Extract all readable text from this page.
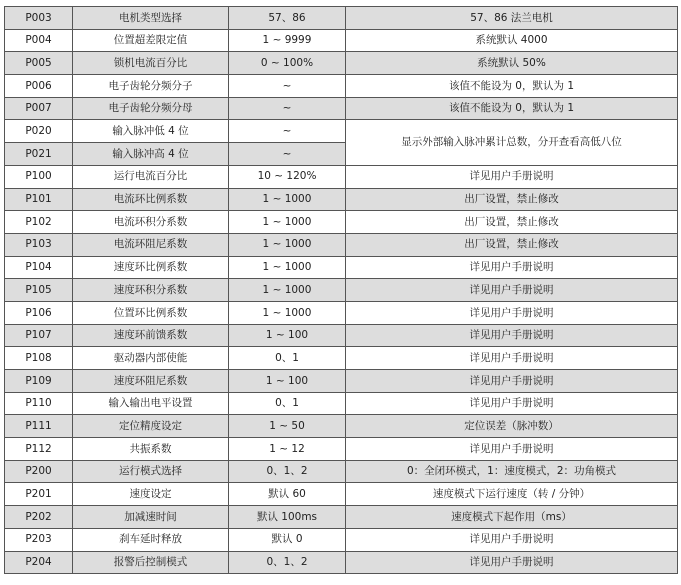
P003	电机类型选择	57、86	57、86 法兰电机
P004	位置超差限定值	1 ~ 9999	系统默认 4000
P005	锁机电流百分比	0 ~ 100%	系统默认 50%
P006	电子齿轮分频分子	~	该值不能设为 0，默认为 1
P007	电子齿轮分频分母	~	该值不能设为 0，默认为 1
P020	输入脉冲低 4 位	~	显示外部输入脉冲累计总数，分开查看高低八位
P021	输入脉冲高 4 位	~	
P100	运行电流百分比	10 ~ 120%	详见用户手册说明
P101	电流环比例系数	1 ~ 1000	出厂设置，禁止修改
P102	电流环积分系数	1 ~ 1000	出厂设置，禁止修改
P103	电流环阻尼系数	1 ~ 1000	出厂设置，禁止修改
P104	速度环比例系数	1 ~ 1000	详见用户手册说明
P105	速度环积分系数	1 ~ 1000	详见用户手册说明
P106	位置环比例系数	1 ~ 1000	详见用户手册说明
P107	速度环前馈系数	1 ~ 100	详见用户手册说明
P108	驱动器内部使能	0、1	详见用户手册说明
P109	速度环阻尼系数	1 ~ 100	详见用户手册说明
P110	输入输出电平设置	0、1	详见用户手册说明
P111	定位精度设定	1 ~ 50	定位误差（脉冲数）
P112	共振系数	1 ~ 12	详见用户手册说明
P200	运行模式选择	0、1、2	0：全闭环模式，1：速度模式，2：功角模式
P201	速度设定	默认 60	速度模式下运行速度（转 / 分钟）
P202	加减速时间	默认 100ms	速度模式下起作用（ms）
P203	刹车延时释放	默认 0	详见用户手册说明
P204	报警后控制模式	0、1、2	详见用户手册说明
